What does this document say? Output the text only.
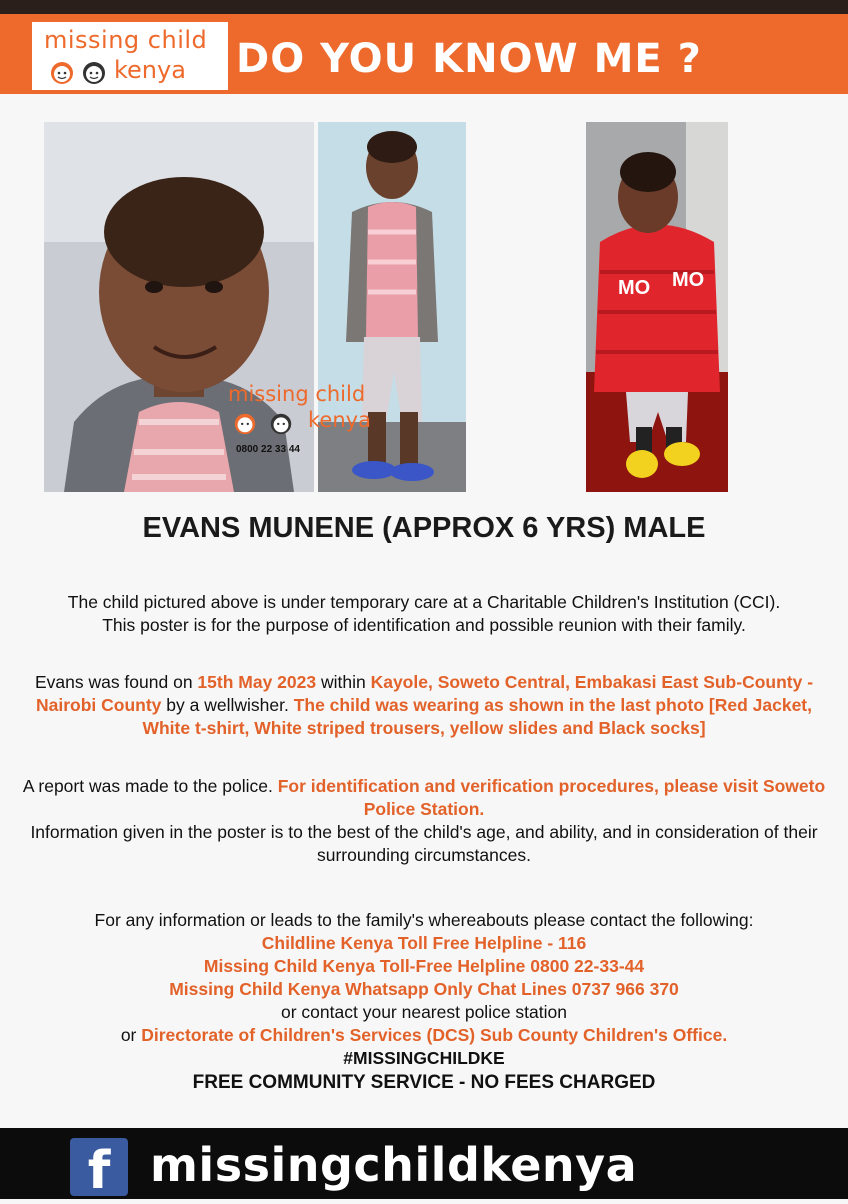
missing child
kenya DO YOU KNOW ME ?
missing child
kenya
0800 22 33 44
MO MO
EVANS MUNENE (APPROX 6 YRS) MALE
The child pictured above is under temporary care at a Charitable Children's Institution (CCI).
This poster is for the purpose of identification and possible reunion with their family.
Evans was found on 15th May 2023 within Kayole, Soweto Central, Embakasi East Sub-County - Nairobi County by a wellwisher. The child was wearing as shown in the last photo [Red Jacket, White t-shirt, White striped trousers, yellow slides and Black socks]
A report was made to the police. For identification and verification procedures, please visit Soweto Police Station.
Information given in the poster is to the best of the child's age, and ability, and in consideration of their surrounding circumstances.
For any information or leads to the family's whereabouts please contact the following:
Childline Kenya Toll Free Helpline - 116
Missing Child Kenya Toll-Free Helpline 0800 22-33-44
Missing Child Kenya Whatsapp Only Chat Lines 0737 966 370
or contact your nearest police station
or Directorate of Children's Services (DCS) Sub County Children's Office.
#MISSINGCHILDKE
FREE COMMUNITY SERVICE - NO FEES CHARGED
f missingchildkenya
